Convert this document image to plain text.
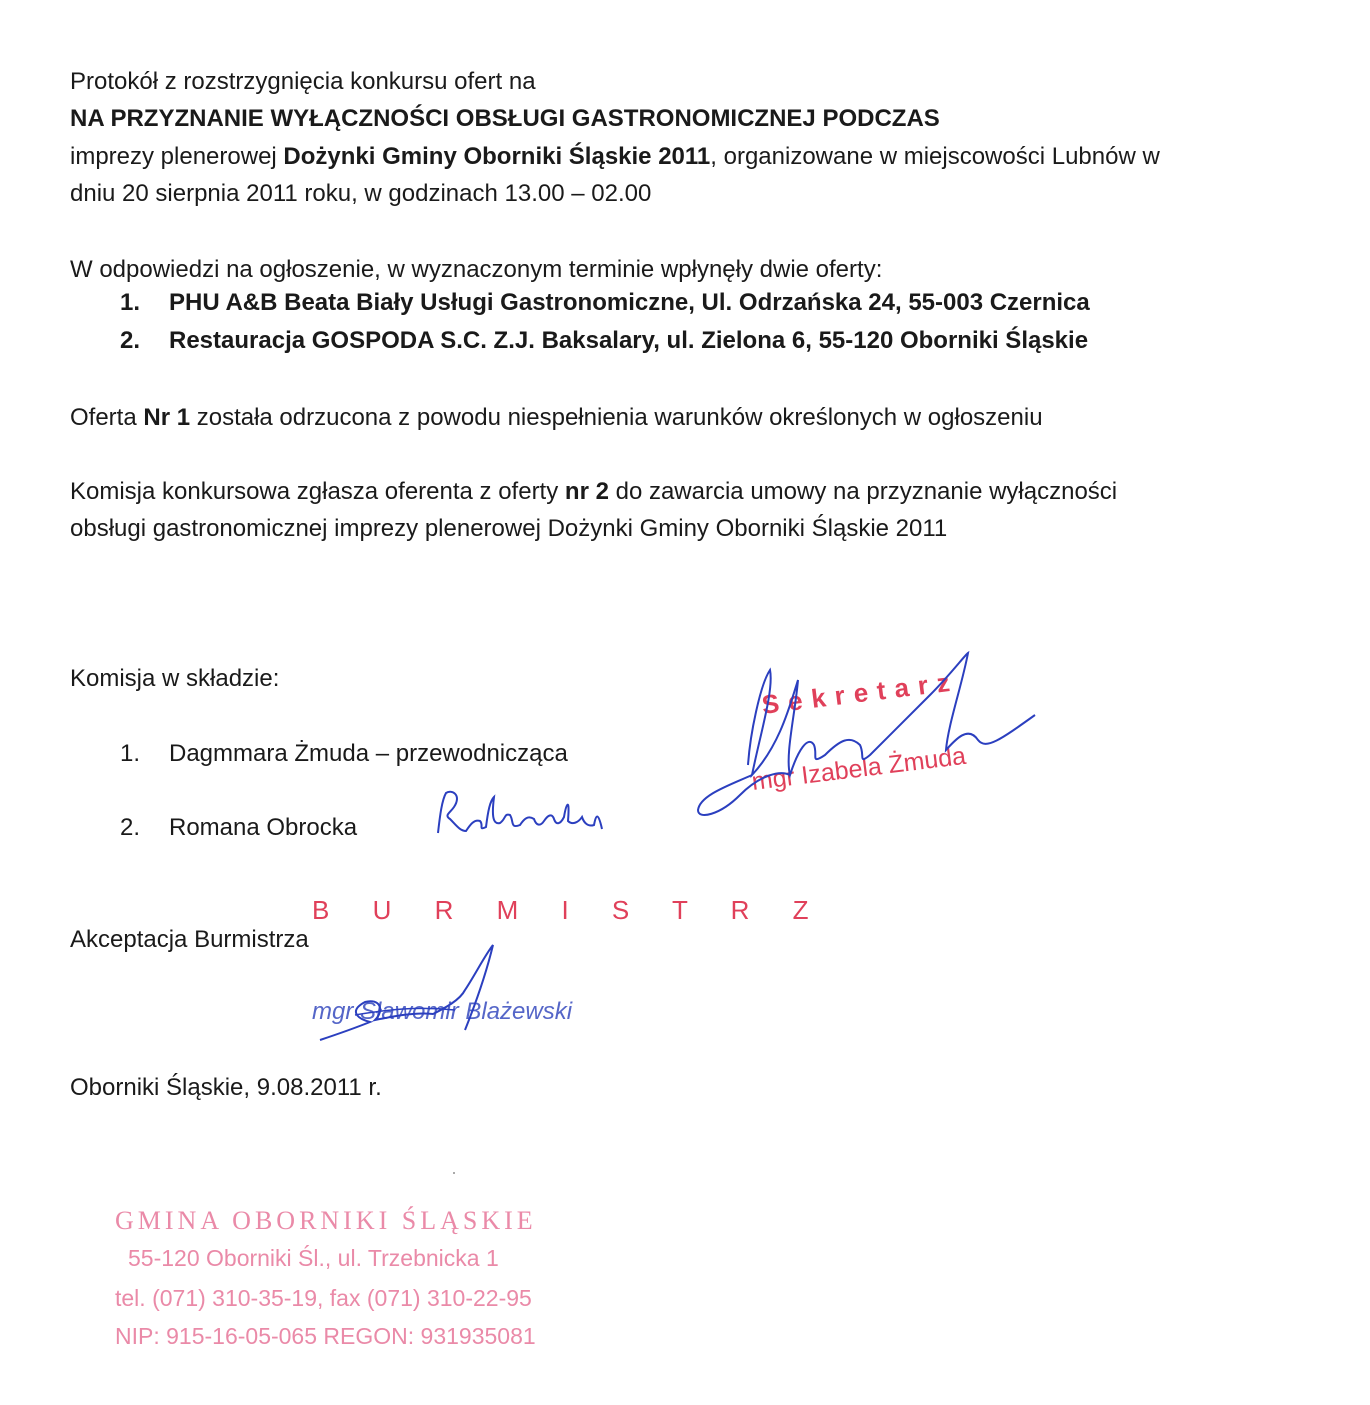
Protokół z rozstrzygnięcia konkursu ofert na
NA PRZYZNANIE WYŁĄCZNOŚCI OBSŁUGI GASTRONOMICZNEJ PODCZAS
imprezy plenerowej Dożynki Gminy Oborniki Śląskie 2011, organizowane w miejscowości Lubnów w
dniu 20 sierpnia 2011 roku, w godzinach 13.00 – 02.00
W odpowiedzi na ogłoszenie, w wyznaczonym terminie wpłynęły dwie oferty:
1. PHU A&B Beata Biały Usługi Gastronomiczne, Ul. Odrzańska 24, 55-003 Czernica
2. Restauracja GOSPODA S.C. Z.J. Baksalary, ul. Zielona 6, 55-120 Oborniki Śląskie
Oferta Nr 1 została odrzucona z powodu niespełnienia warunków określonych w ogłoszeniu
Komisja konkursowa zgłasza oferenta z oferty nr 2 do zawarcia umowy na przyznanie wyłączności
obsługi gastronomicznej imprezy plenerowej Dożynki Gminy Oborniki Śląskie 2011
Komisja w składzie:
1. Dagmmara Żmuda – przewodnicząca
2. Romana Obrocka
Sekretarz
mgr Izabela Żmuda
B U R M I S T R Z
Akceptacja Burmistrza
mgr Sławomir Blażewski
Oborniki Śląskie, 9.08.2011 r.
GMINA OBORNIKI ŚLĄSKIE
55-120 Oborniki Śl., ul. Trzebnicka 1
tel. (071) 310-35-19, fax (071) 310-22-95
NIP: 915-16-05-065 REGON: 931935081
